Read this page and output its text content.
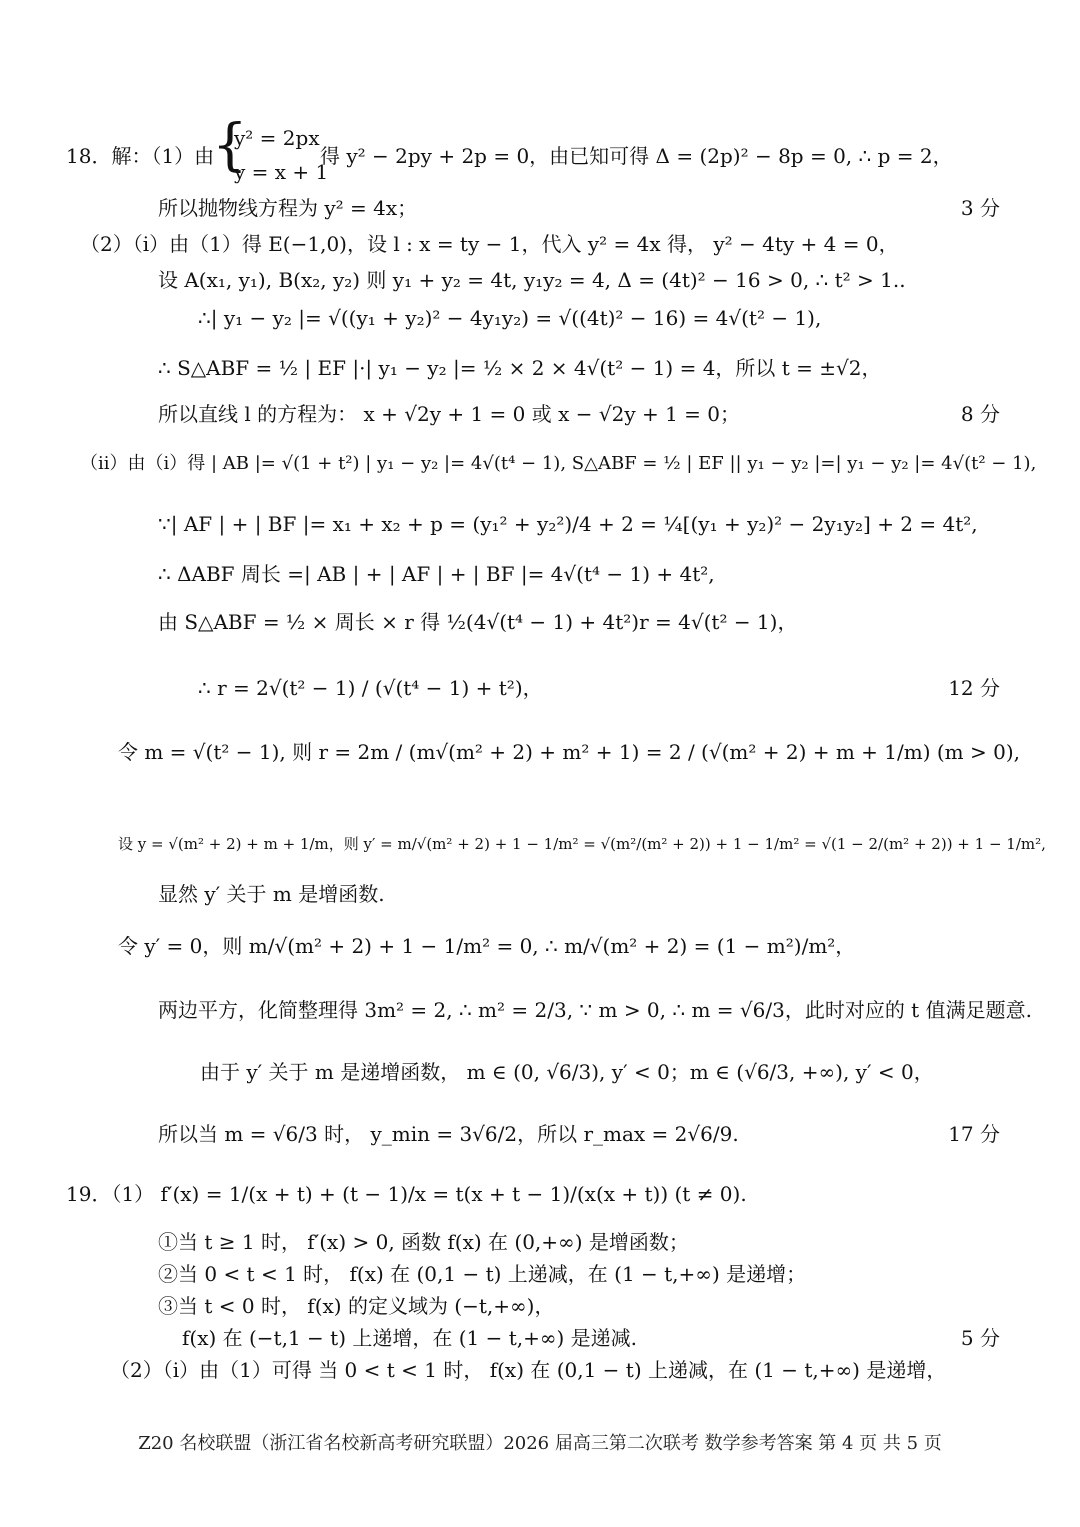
18．解：（1）由
y² = 2px
y = x + 1
得 y² − 2py + 2p = 0，由已知可得 Δ = (2p)² − 8p = 0, ∴ p = 2，
所以抛物线方程为 y² = 4x；
（2）（i）由（1）得 E(−1,0)，设 l : x = ty − 1，代入 y² = 4x 得， y² − 4ty + 4 = 0，
设 A(x₁, y₁), B(x₂, y₂) 则 y₁ + y₂ = 4t, y₁y₂ = 4, Δ = (4t)² − 16 > 0, ∴ t² > 1..
∴| y₁ − y₂ |= √((y₁ + y₂)² − 4y₁y₂) = √((4t)² − 16) = 4√(t² − 1),
∴ S△ABF = ½ | EF |·| y₁ − y₂ |= ½ × 2 × 4√(t² − 1) = 4，所以 t = ±√2，
所以直线 l 的方程为： x + √2y + 1 = 0 或 x − √2y + 1 = 0；
（ii）由（i）得 | AB |= √(1 + t²) | y₁ − y₂ |= 4√(t⁴ − 1), S△ABF = ½ | EF || y₁ − y₂ |=| y₁ − y₂ |= 4√(t² − 1),
∵| AF | + | BF |= x₁ + x₂ + p = (y₁² + y₂²)/4 + 2 = ¼[(y₁ + y₂)² − 2y₁y₂] + 2 = 4t²,
∴ ΔABF 周长 =| AB | + | AF | + | BF |= 4√(t⁴ − 1) + 4t²,
由 S△ABF = ½ × 周长 × r 得 ½(4√(t⁴ − 1) + 4t²)r = 4√(t² − 1)，
∴ r = 2√(t² − 1) / (√(t⁴ − 1) + t²)，
令 m = √(t² − 1), 则 r = 2m / (m√(m² + 2) + m² + 1) = 2 / (√(m² + 2) + m + 1/m) (m > 0),
设 y = √(m² + 2) + m + 1/m，则 y′ = m/√(m² + 2) + 1 − 1/m² = √(m²/(m² + 2)) + 1 − 1/m² = √(1 − 2/(m² + 2)) + 1 − 1/m²,
显然 y′ 关于 m 是增函数.
令 y′ = 0，则 m/√(m² + 2) + 1 − 1/m² = 0, ∴ m/√(m² + 2) = (1 − m²)/m²，
两边平方，化简整理得 3m² = 2, ∴ m² = 2/3, ∵ m > 0, ∴ m = √6/3，此时对应的 t 值满足题意.
由于 y′ 关于 m 是递增函数， m ∈ (0, √6/3), y′ < 0；m ∈ (√6/3, +∞), y′ < 0，
所以当 m = √6/3 时， y_min = 3√6/2，所以 r_max = 2√6/9.
19．（1） f′(x) = 1/(x + t) + (t − 1)/x = t(x + t − 1)/(x(x + t)) (t ≠ 0).
①当 t ≥ 1 时， f′(x) > 0, 函数 f(x) 在 (0,+∞) 是增函数；
②当 0 < t < 1 时， f(x) 在 (0,1 − t) 上递减，在 (1 − t,+∞) 是递增；
③当 t < 0 时， f(x) 的定义域为 (−t,+∞)，
f(x) 在 (−t,1 − t) 上递增，在 (1 − t,+∞) 是递减.
（2）（i）由（1）可得 当 0 < t < 1 时， f(x) 在 (0,1 − t) 上递减，在 (1 − t,+∞) 是递增，
3 分
8 分
12 分
17 分
5 分
{
Z20 名校联盟（浙江省名校新高考研究联盟）2026 届高三第二次联考 数学参考答案 第 4 页 共 5 页
